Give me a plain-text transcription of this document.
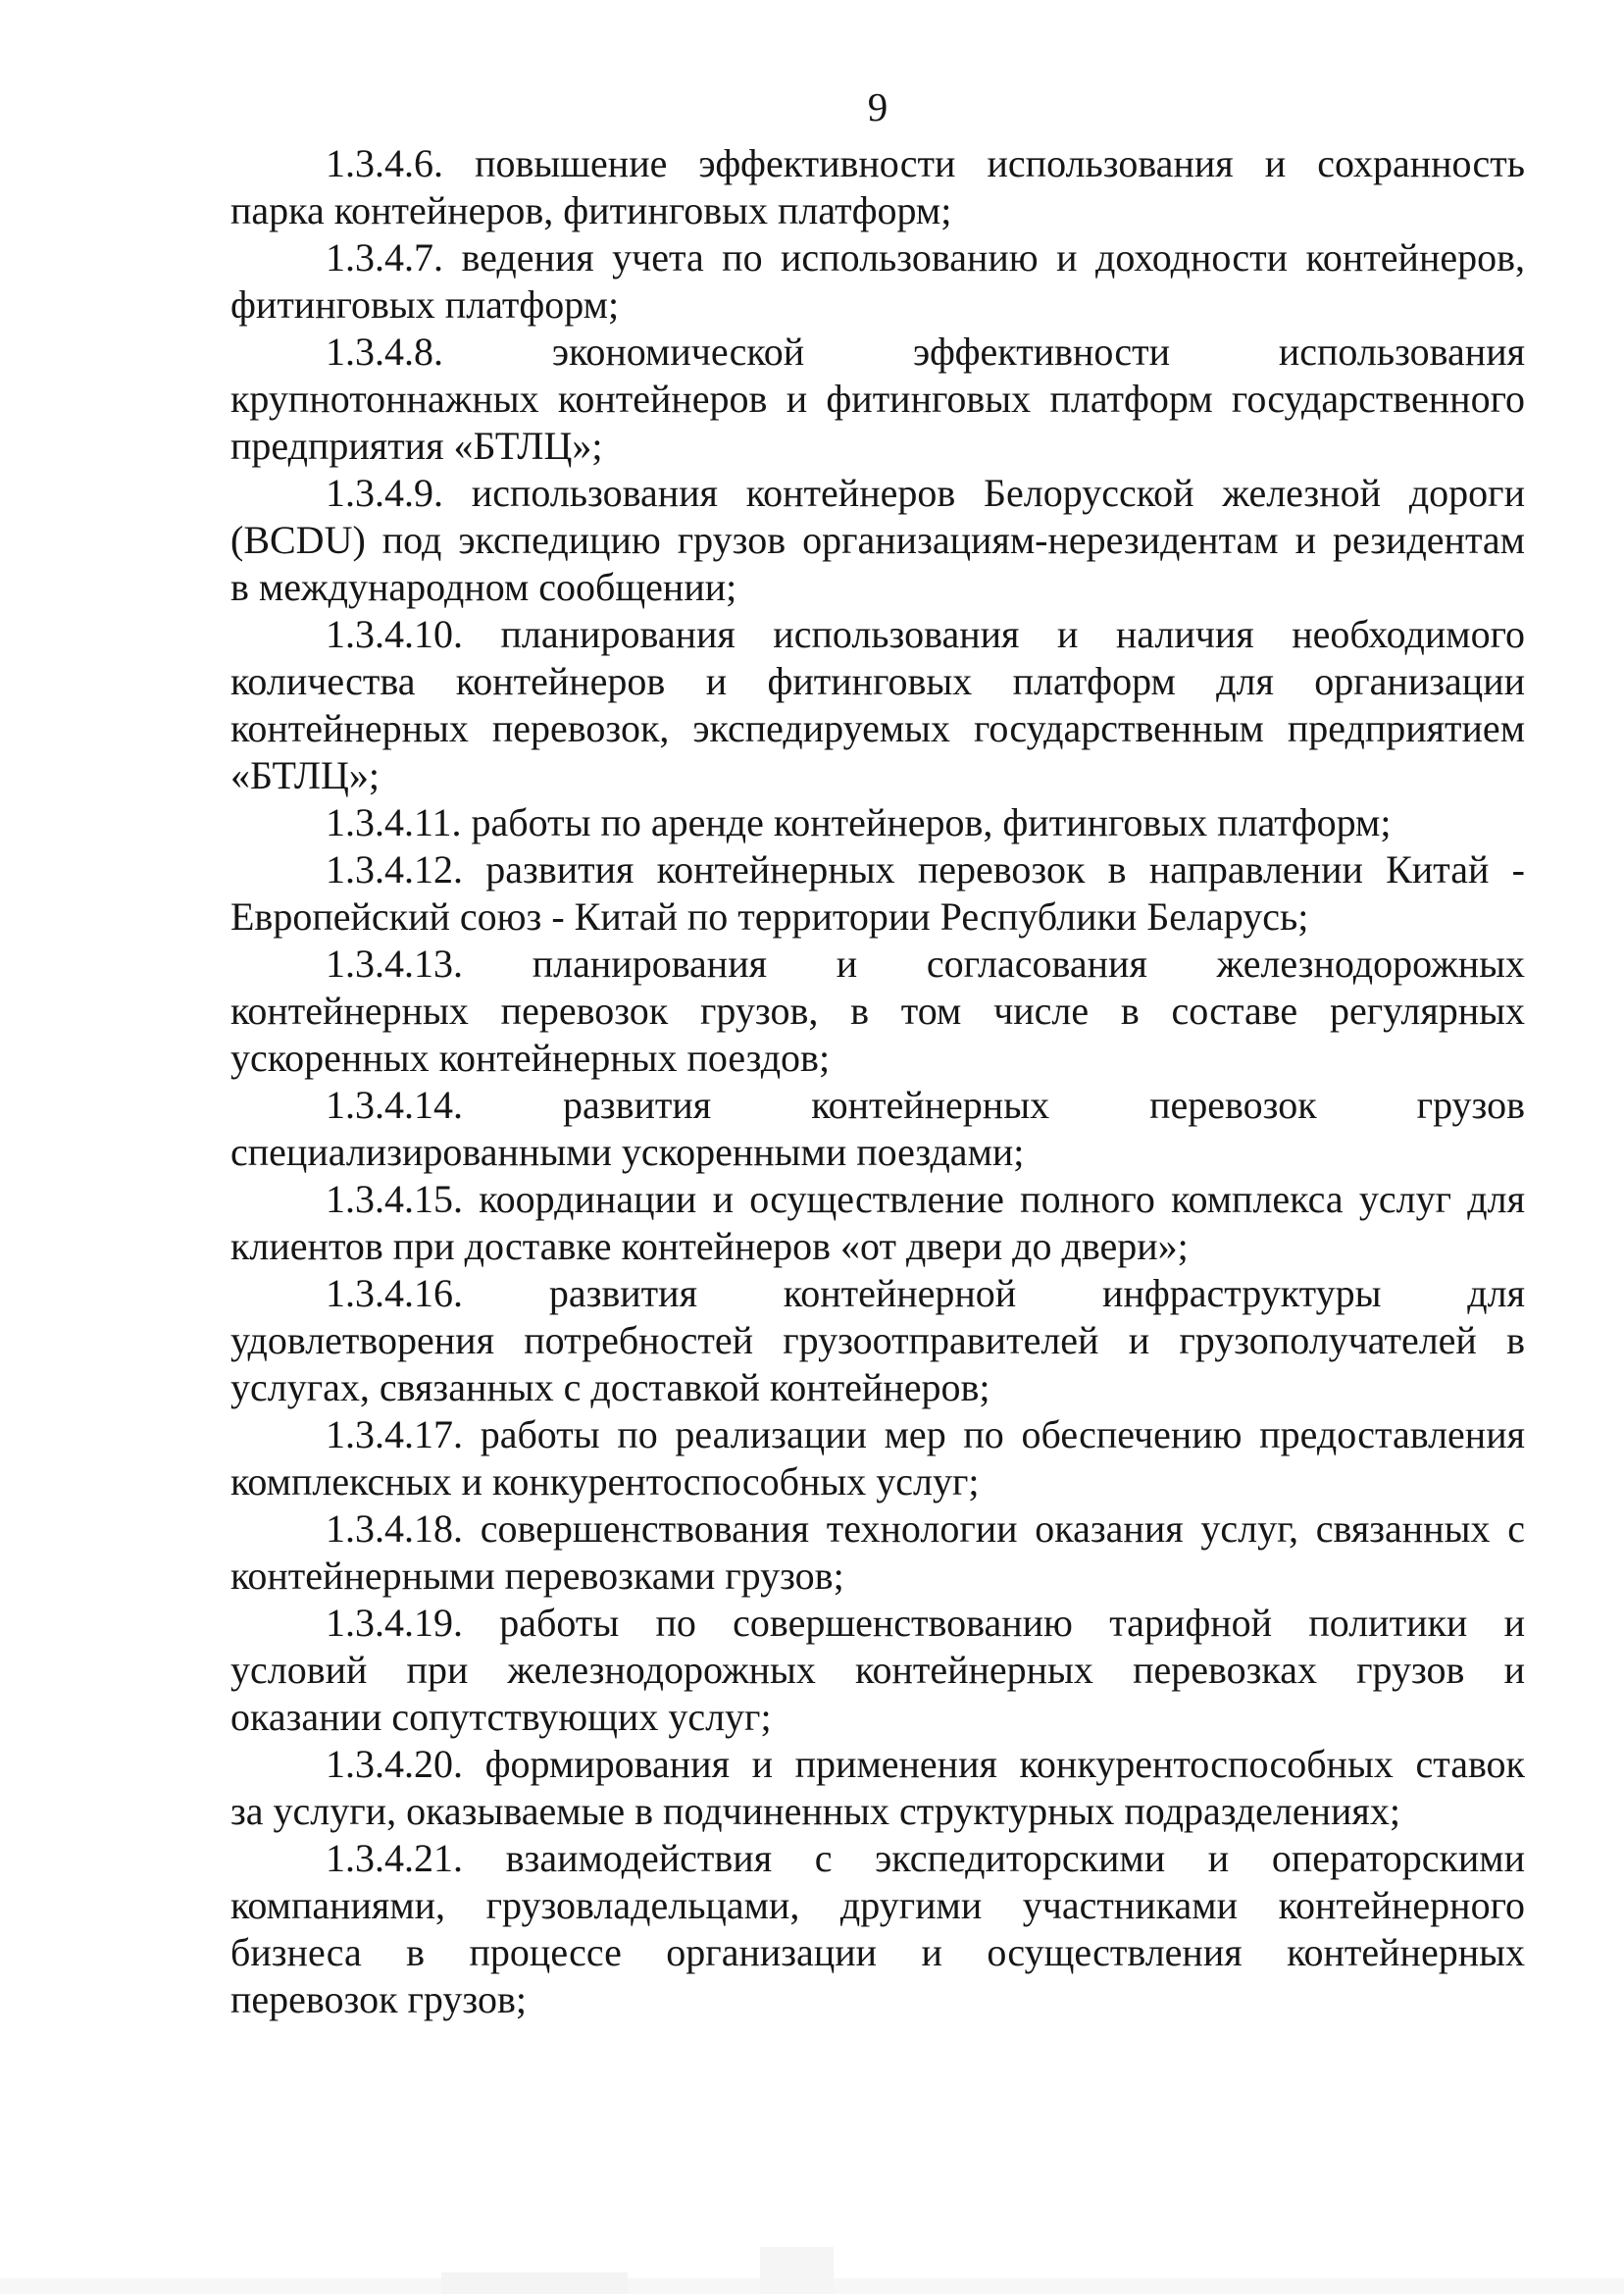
9
1.3.4.6. повышение эффективности использования и сохранность
парка контейнеров, фитинговых платформ;
1.3.4.7. ведения учета по использованию и доходности контейнеров,
фитинговых платформ;
1.3.4.8. экономической эффективности использования
крупнотоннажных контейнеров и фитинговых платформ государственного
предприятия «БТЛЦ»;
1.3.4.9. использования контейнеров Белорусской железной дороги
(BCDU) под экспедицию грузов организациям-нерезидентам и резидентам
в международном сообщении;
1.3.4.10. планирования использования и наличия необходимого
количества контейнеров и фитинговых платформ для организации
контейнерных перевозок, экспедируемых государственным предприятием
«БТЛЦ»;
1.3.4.11. работы по аренде контейнеров, фитинговых платформ;
1.3.4.12. развития контейнерных перевозок в направлении Китай -
Европейский союз - Китай по территории Республики Беларусь;
1.3.4.13. планирования и согласования железнодорожных
контейнерных перевозок грузов, в том числе в составе регулярных
ускоренных контейнерных поездов;
1.3.4.14. развития контейнерных перевозок грузов
специализированными ускоренными поездами;
1.3.4.15. координации и осуществление полного комплекса услуг для
клиентов при доставке контейнеров «от двери до двери»;
1.3.4.16. развития контейнерной инфраструктуры для
удовлетворения потребностей грузоотправителей и грузополучателей в
услугах, связанных с доставкой контейнеров;
1.3.4.17. работы по реализации мер по обеспечению предоставления
комплексных и конкурентоспособных услуг;
1.3.4.18. совершенствования технологии оказания услуг, связанных с
контейнерными перевозками грузов;
1.3.4.19. работы по совершенствованию тарифной политики и
условий при железнодорожных контейнерных перевозках грузов и
оказании сопутствующих услуг;
1.3.4.20. формирования и применения конкурентоспособных ставок
за услуги, оказываемые в подчиненных структурных подразделениях;
1.3.4.21. взаимодействия с экспедиторскими и операторскими
компаниями, грузовладельцами, другими участниками контейнерного
бизнеса в процессе организации и осуществления контейнерных
перевозок грузов;
